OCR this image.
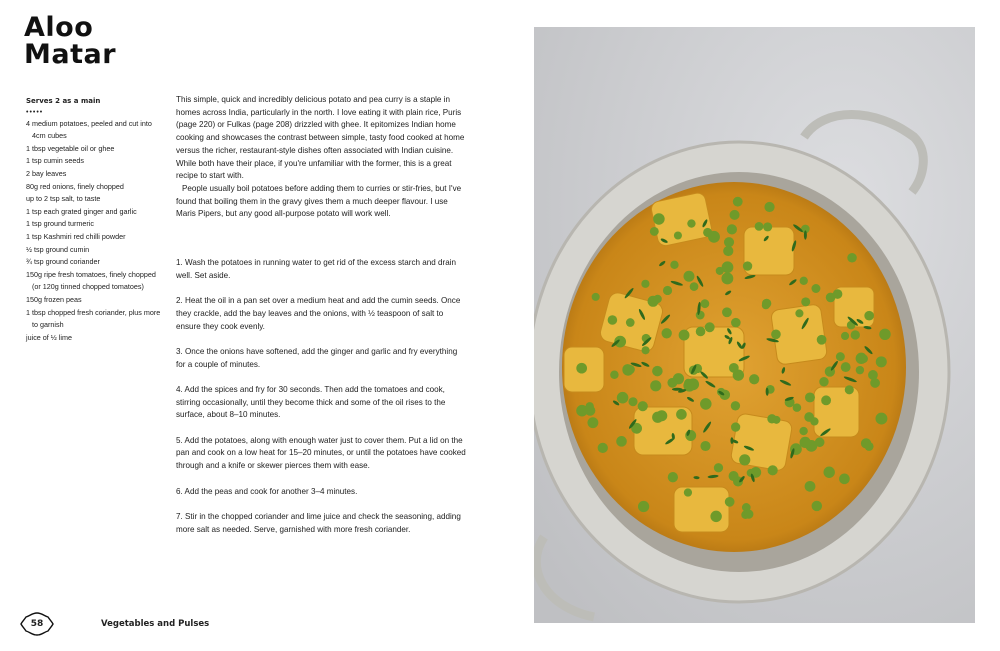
Aloo
Matar
Serves 2 as a main
•••••
4 medium potatoes, peeled and cut into 4cm cubes
1 tbsp vegetable oil or ghee
1 tsp cumin seeds
2 bay leaves
80g red onions, finely chopped
up to 2 tsp salt, to taste
1 tsp each grated ginger and garlic
1 tsp ground turmeric
1 tsp Kashmiri red chilli powder
½ tsp ground cumin
¾ tsp ground coriander
150g ripe fresh tomatoes, finely chopped (or 120g tinned chopped tomatoes)
150g frozen peas
1 tbsp chopped fresh coriander, plus more to garnish
juice of ½ lime

This simple, quick and incredibly delicious potato and pea curry is a staple in homes across India, particularly in the north. I love eating it with plain rice, Puris (page 220) or Fulkas (page 208) drizzled with ghee. It epitomizes Indian home cooking and showcases the contrast between simple, tasty food cooked at home versus the richer, restaurant-style dishes often associated with Indian cuisine. While both have their place, if you're unfamiliar with the former, this is a great recipe to start with.

People usually boil potatoes before adding them to curries or stir-fries, but I've found that boiling them in the gravy gives them a much deeper flavour. I use Maris Pipers, but any good all-purpose potato will work well.

1. Wash the potatoes in running water to get rid of the excess starch and drain well. Set aside.

2. Heat the oil in a pan set over a medium heat and add the cumin seeds. Once they crackle, add the bay leaves and the onions, with ½ teaspoon of salt to ensure they cook evenly.

3. Once the onions have softened, add the ginger and garlic and fry everything for a couple of minutes.

4. Add the spices and fry for 30 seconds. Then add the tomatoes and cook, stirring occasionally, until they become thick and some of the oil rises to the surface, about 8–10 minutes.

5. Add the potatoes, along with enough water just to cover them. Put a lid on the pan and cook on a low heat for 15–20 minutes, or until the potatoes have cooked through and a knife or skewer pierces them with ease.

6. Add the peas and cook for another 3–4 minutes.

7. Stir in the chopped coriander and lime juice and check the seasoning, adding more salt as needed. Serve, garnished with more fresh coriander.

58	Vegetables and Pulses
